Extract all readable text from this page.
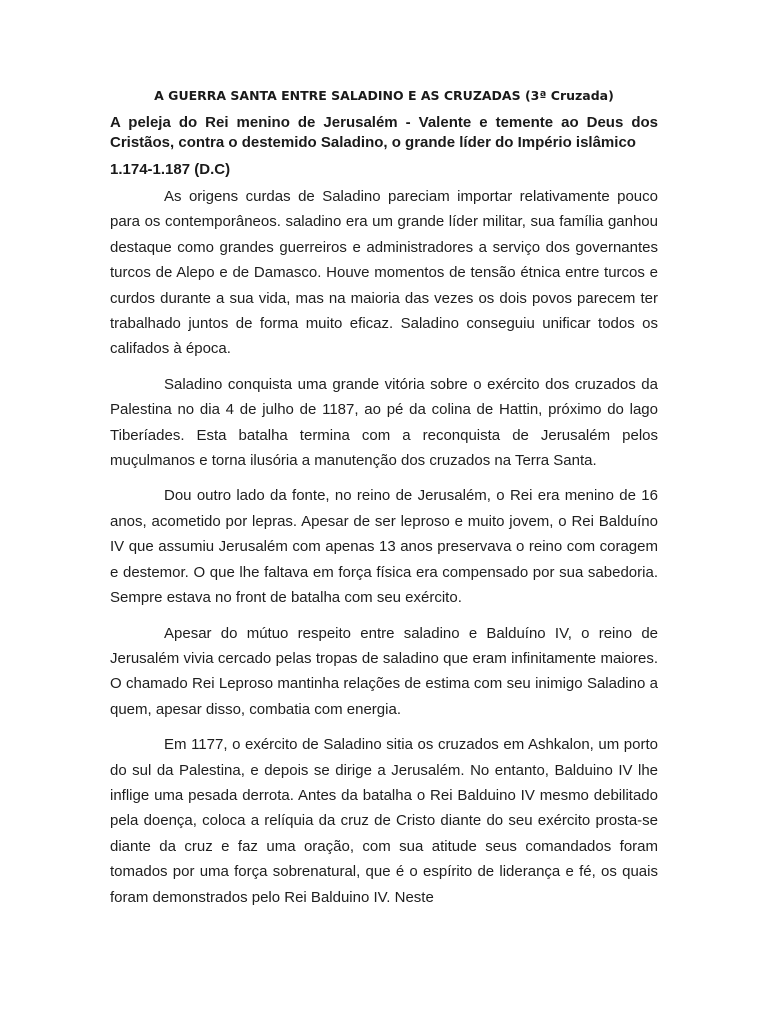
A GUERRA SANTA ENTRE SALADINO E AS CRUZADAS (3ª Cruzada)
A peleja do Rei menino de Jerusalém - Valente e temente ao Deus dos Cristãos, contra o destemido Saladino, o grande líder do Império islâmico
1.174-1.187 (D.C)

As origens curdas de Saladino pareciam importar relativamente pouco para os contemporâneos. saladino era um grande líder militar, sua família ganhou destaque como grandes guerreiros e administradores a serviço dos governantes turcos de Alepo e de Damasco. Houve momentos de tensão étnica entre turcos e curdos durante a sua vida, mas na maioria das vezes os dois povos parecem ter trabalhado juntos de forma muito eficaz. Saladino conseguiu unificar todos os califados à época.

Saladino conquista uma grande vitória sobre o exército dos cruzados da Palestina no dia 4 de julho de 1187, ao pé da colina de Hattin, próximo do lago Tiberíades. Esta batalha termina com a reconquista de Jerusalém pelos muçulmanos e torna ilusória a manutenção dos cruzados na Terra Santa.

Dou outro lado da fonte, no reino de Jerusalém, o Rei era menino de 16 anos, acometido por lepras. Apesar de ser leproso e muito jovem, o Rei Balduíno IV que assumiu Jerusalém com apenas 13 anos preservava o reino com coragem e destemor. O que lhe faltava em força física era compensado por sua sabedoria. Sempre estava no front de batalha com seu exército.

Apesar do mútuo respeito entre saladino e Balduíno IV, o reino de Jerusalém vivia cercado pelas tropas de saladino que eram infinitamente maiores. O chamado Rei Leproso mantinha relações de estima com seu inimigo Saladino a quem, apesar disso, combatia com energia.

Em 1177, o exército de Saladino sitia os cruzados em Ashkalon, um porto do sul da Palestina, e depois se dirige a Jerusalém. No entanto, Balduino IV lhe inflige uma pesada derrota. Antes da batalha o Rei Balduino IV mesmo debilitado pela doença, coloca a relíquia da cruz de Cristo diante do seu exército prosta-se diante da cruz e faz uma oração, com sua atitude seus comandados foram tomados por uma força sobrenatural, que é o espírito de liderança e fé, os quais foram demonstrados pelo Rei Balduino IV. Neste
